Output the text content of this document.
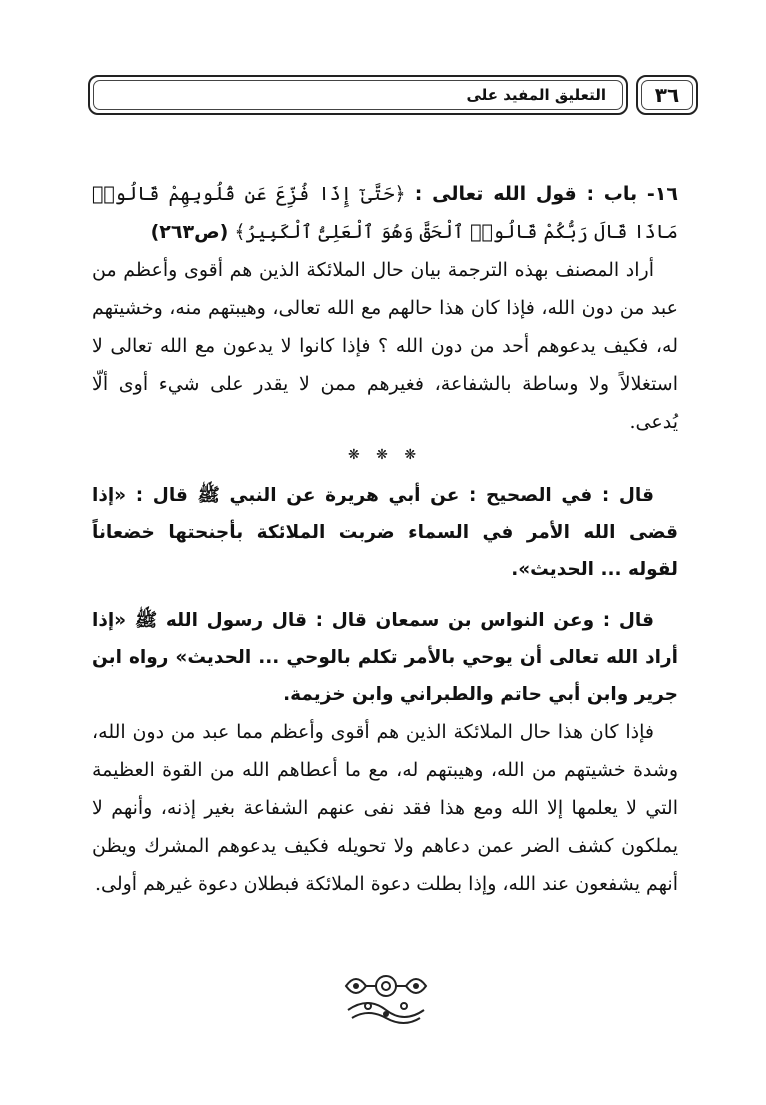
التعليق المفيد على ٣٦

١٦- باب : قول الله تعالى : ﴿حَتَّىٰٓ إِذَا فُزِّعَ عَن قُلُوبِهِمْ قَالُوا۟ مَاذَا قَالَ رَبُّكُمْ قَالُوا۟ ٱلْحَقَّ وَهُوَ ٱلْعَلِىُّ ٱلْكَبِيرُ﴾ (ص٢٦٣)

أراد المصنف بهذه الترجمة بيان حال الملائكة الذين هم أقوى وأعظم من عبد من دون الله، فإذا كان هذا حالهم مع الله تعالى، وهيبتهم منه، وخشيتهم له، فكيف يدعوهم أحد من دون الله ؟ فإذا كانوا لا يدعون مع الله تعالى لا استغلالاً ولا وساطة بالشفاعة، فغيرهم ممن لا يقدر على شيء أوى ألّا يُدعى.

❋ ❋ ❋

قال : في الصحيح : عن أبي هريرة عن النبي ﷺ قال : «إذا قضى الله الأمر في السماء ضربت الملائكة بأجنحتها خضعاناً لقوله ... الحديث».

قال : وعن النواس بن سمعان قال : قال رسول الله ﷺ «إذا أراد الله تعالى أن يوحي بالأمر تكلم بالوحي ... الحديث» رواه ابن جرير وابن أبي حاتم والطبراني وابن خزيمة.

فإذا كان هذا حال الملائكة الذين هم أقوى وأعظم مما عبد من دون الله، وشدة خشيتهم من الله، وهيبتهم له، مع ما أعطاهم الله من القوة العظيمة التي لا يعلمها إلا الله ومع هذا فقد نفى عنهم الشفاعة بغير إذنه، وأنهم لا يملكون كشف الضر عمن دعاهم ولا تحويله فكيف يدعوهم المشرك ويظن أنهم يشفعون عند الله، وإذا بطلت دعوة الملائكة فبطلان دعوة غيرهم أولى.
